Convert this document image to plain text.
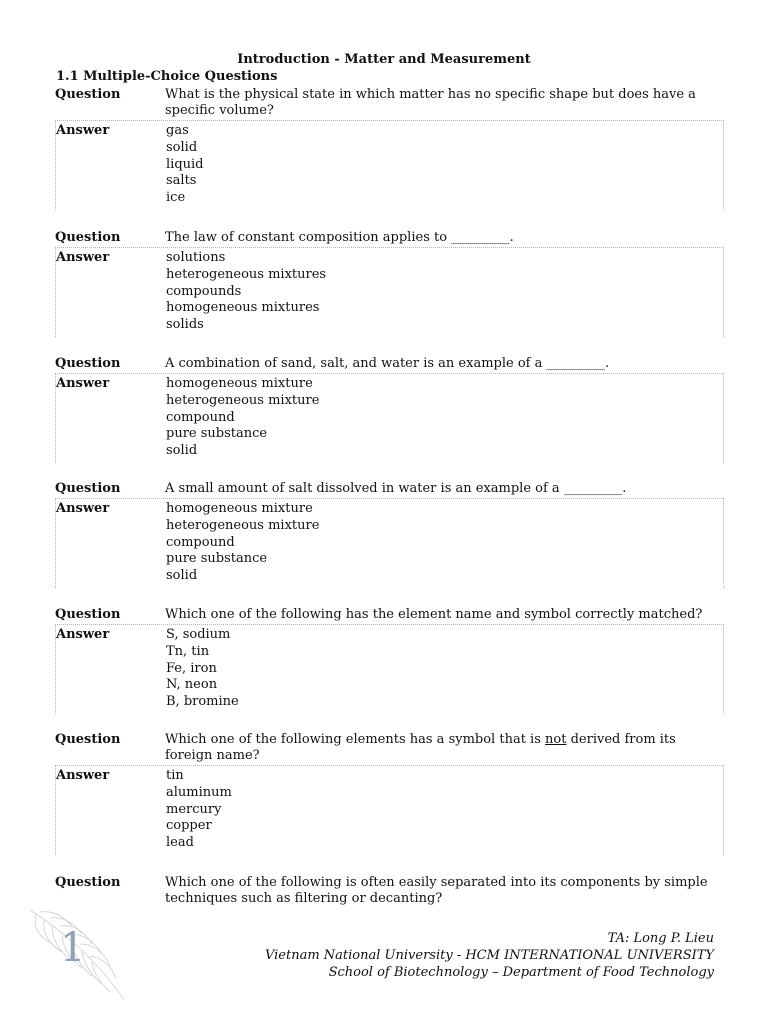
Introduction - Matter and Measurement
1.1 Multiple-Choice Questions
Question	What is the physical state in which matter has no specific shape but does have a specific volume?
Answer	gas
solid
liquid
salts
ice
Question	The law of constant composition applies to _________.
Answer	solutions
heterogeneous mixtures
compounds
homogeneous mixtures
solids
Question	A combination of sand, salt, and water is an example of a _________.
Answer	homogeneous mixture
heterogeneous mixture
compound
pure substance
solid
Question	A small amount of salt dissolved in water is an example of a _________.
Answer	homogeneous mixture
heterogeneous mixture
compound
pure substance
solid
Question	Which one of the following has the element name and symbol correctly matched?
Answer	S, sodium
Tn, tin
Fe, iron
N, neon
B, bromine
Question	Which one of the following elements has a symbol that is not derived from its foreign name?
Answer	tin
aluminum
mercury
copper
lead
Question	Which one of the following is often easily separated into its components by simple techniques such as filtering or decanting?
1	TA: Long P. Lieu
Vietnam National University - HCM INTERNATIONAL UNIVERSITY
School of Biotechnology – Department of Food Technology
